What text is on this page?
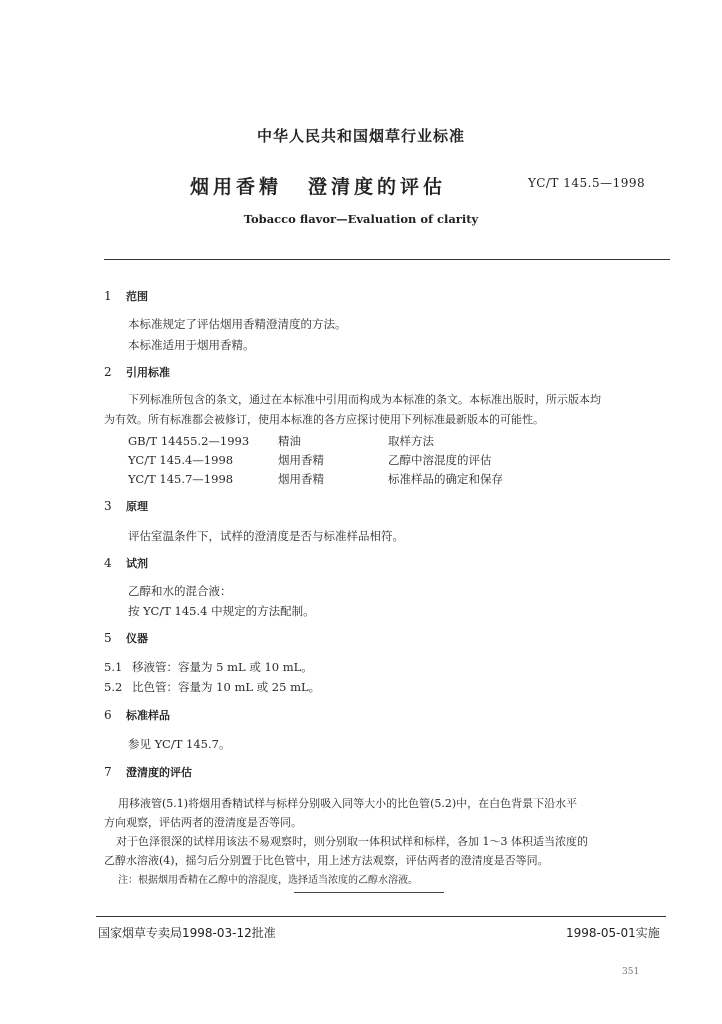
中华人民共和国烟草行业标准
烟用香精 澄清度的评估	YC/T 145.5—1998
Tobacco flavor—Evaluation of clarity
1 范围
本标准规定了评估烟用香精澄清度的方法。
本标准适用于烟用香精。
2 引用标准
下列标准所包含的条文，通过在本标准中引用而构成为本标准的条文。本标准出版时，所示版本均
为有效。所有标准都会被修订，使用本标准的各方应探讨使用下列标准最新版本的可能性。
GB/T 14455.2—1993	精油	取样方法
YC/T 145.4—1998	烟用香精	乙醇中溶混度的评估
YC/T 145.7—1998	烟用香精	标准样品的确定和保存
3 原理
评估室温条件下，试样的澄清度是否与标准样品相符。
4 试剂
乙醇和水的混合液：
按 YC/T 145.4 中规定的方法配制。
5 仪器
5.1 移液管：容量为 5 mL 或 10 mL。
5.2 比色管：容量为 10 mL 或 25 mL。
6 标准样品
参见 YC/T 145.7。
7 澄清度的评估
用移液管(5.1)将烟用香精试样与标样分别吸入同等大小的比色管(5.2)中，在白色背景下沿水平
方向观察，评估两者的澄清度是否等同。
对于色泽很深的试样用该法不易观察时，则分别取一体积试样和标样，各加 1～3 体积适当浓度的
乙醇水溶液(4)，摇匀后分别置于比色管中，用上述方法观察，评估两者的澄清度是否等同。
注：根据烟用香精在乙醇中的溶混度，选择适当浓度的乙醇水溶液。
国家烟草专卖局1998-03-12批准	1998-05-01实施
351
